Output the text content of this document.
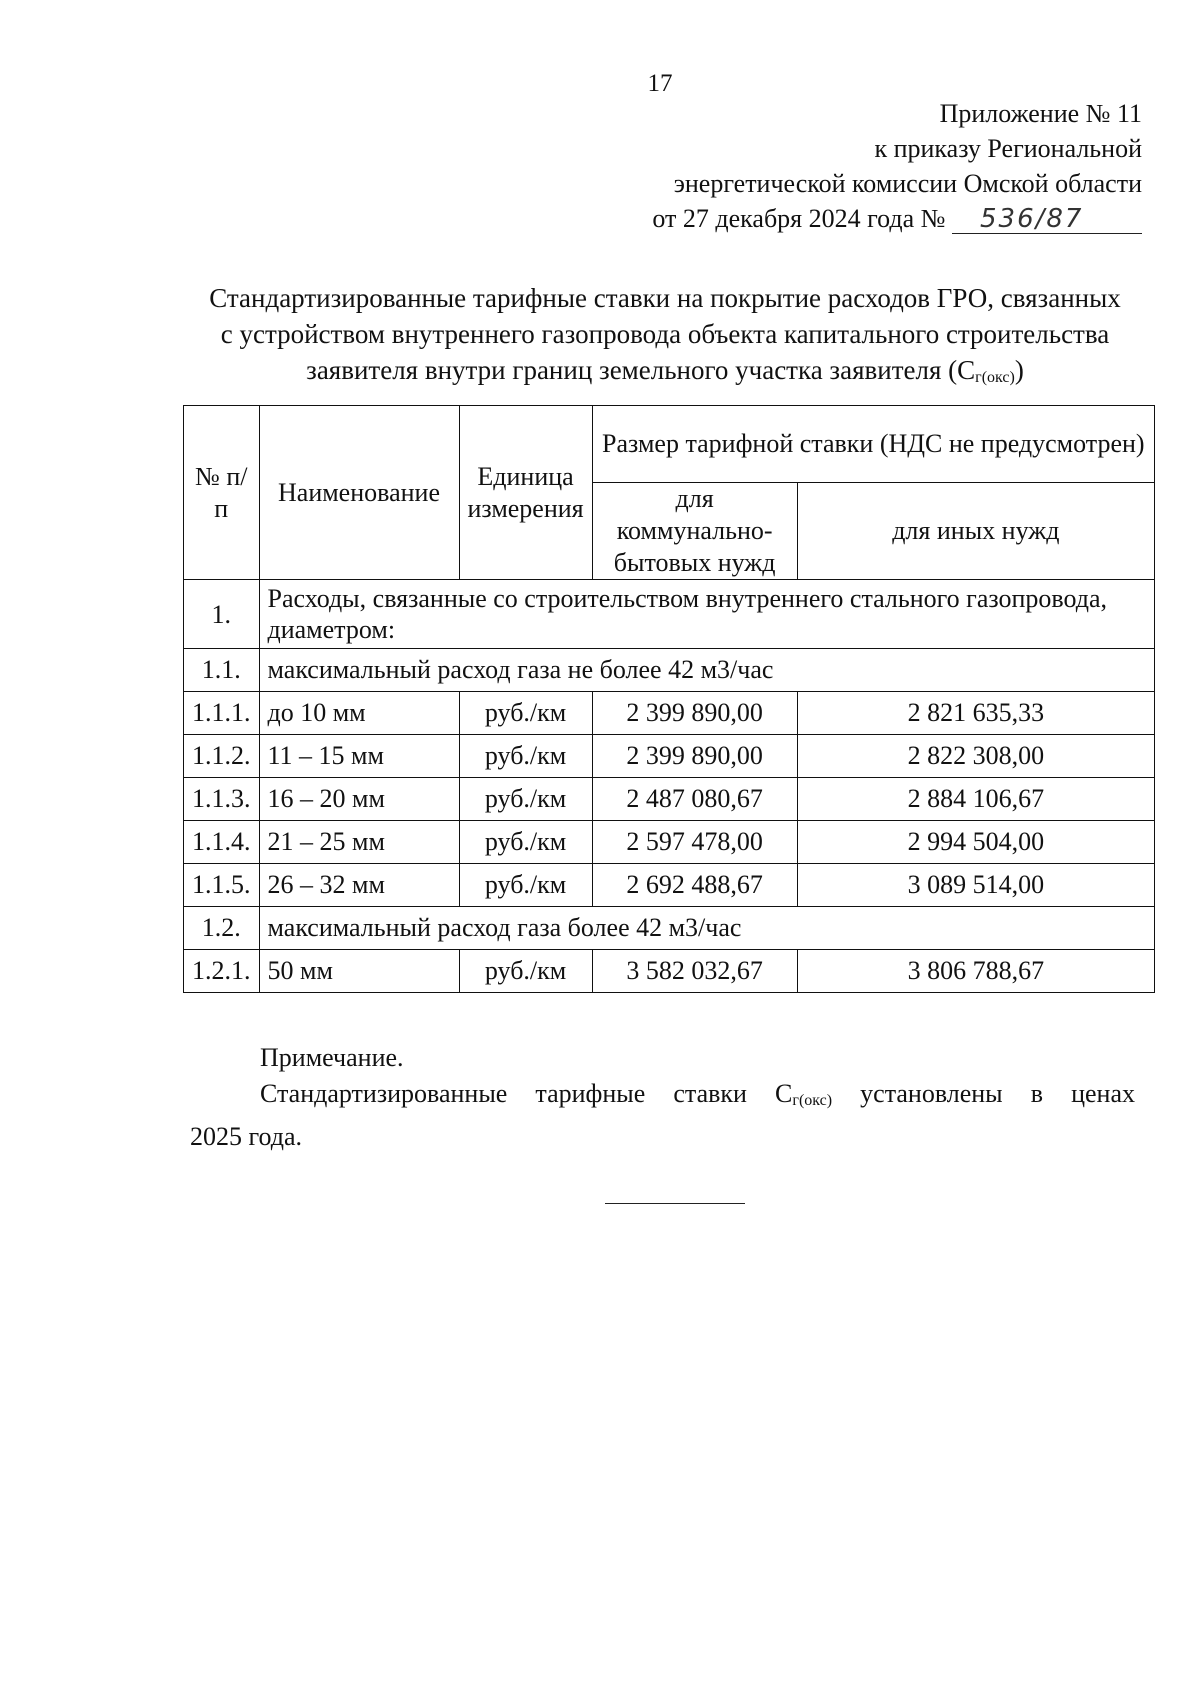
17
Приложение № 11
к приказу Региональной
энергетической комиссии Омской области
от 27 декабря 2024 года № 536/87
Стандартизированные тарифные ставки на покрытие расходов ГРО, связанных
с устройством внутреннего газопровода объекта капитального строительства
заявителя внутри границ земельного участка заявителя $(С_{г(окс)})$
№ п/п	Наименование	Единица измерения	Размер тарифной ставки (НДС не предусмотрен)	
			для коммунально-бытовых нужд	для иных нужд
1.	Расходы, связанные со строительством внутреннего стального газопровода, диаметром:			
1.1.	максимальный расход газа не более 42 м3/час			
1.1.1.	до 10 мм	руб./км	2 399 890,00	2 821 635,33
1.1.2.	11 – 15 мм	руб./км	2 399 890,00	2 822 308,00
1.1.3.	16 – 20 мм	руб./км	2 487 080,67	2 884 106,67
1.1.4.	21 – 25 мм	руб./км	2 597 478,00	2 994 504,00
1.1.5.	26 – 32 мм	руб./км	2 692 488,67	3 089 514,00
1.2.	максимальный расход газа более 42 м3/час			
1.2.1.	50 мм	руб./км	3 582 032,67	3 806 788,67
Примечание.
Стандартизированные тарифные ставки $С_{г(окс)}$ установлены в ценах
2025 года.
